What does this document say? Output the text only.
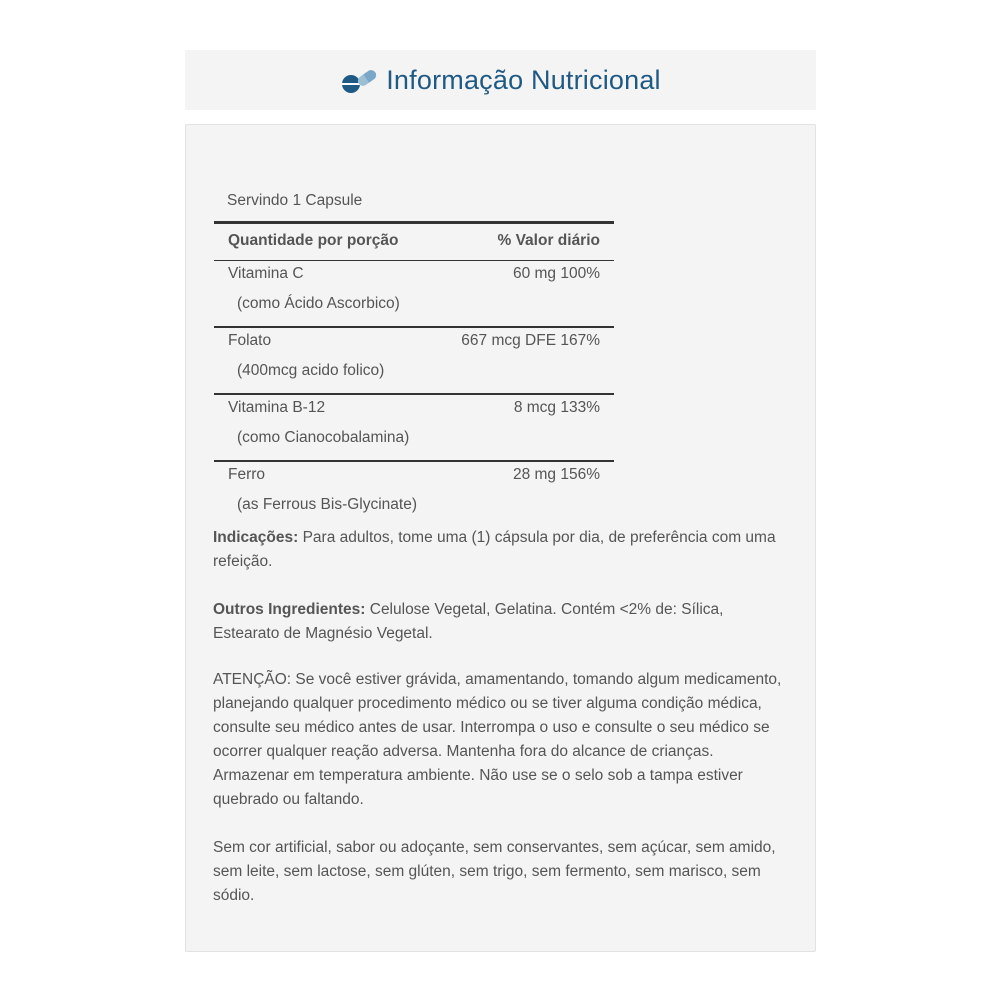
Informação Nutricional
Servindo 1 Capsule
Quantidade por porção	% Valor diário
Vitamina C	60 mg 100%
(como Ácido Ascorbico)
Folato	667 mcg DFE 167%
(400mcg acido folico)
Vitamina B-12	8 mcg 133%
(como Cianocobalamina)
Ferro	28 mg 156%
(as Ferrous Bis-Glycinate)
Indicações: Para adultos, tome uma (1) cápsula por dia, de preferência com uma refeição.
Outros Ingredientes: Celulose Vegetal, Gelatina. Contém <2% de: Sílica, Estearato de Magnésio Vegetal.
ATENÇÃO: Se você estiver grávida, amamentando, tomando algum medicamento, planejando qualquer procedimento médico ou se tiver alguma condição médica, consulte seu médico antes de usar. Interrompa o uso e consulte o seu médico se ocorrer qualquer reação adversa. Mantenha fora do alcance de crianças. Armazenar em temperatura ambiente. Não use se o selo sob a tampa estiver quebrado ou faltando.
Sem cor artificial, sabor ou adoçante, sem conservantes, sem açúcar, sem amido, sem leite, sem lactose, sem glúten, sem trigo, sem fermento, sem marisco, sem sódio.
